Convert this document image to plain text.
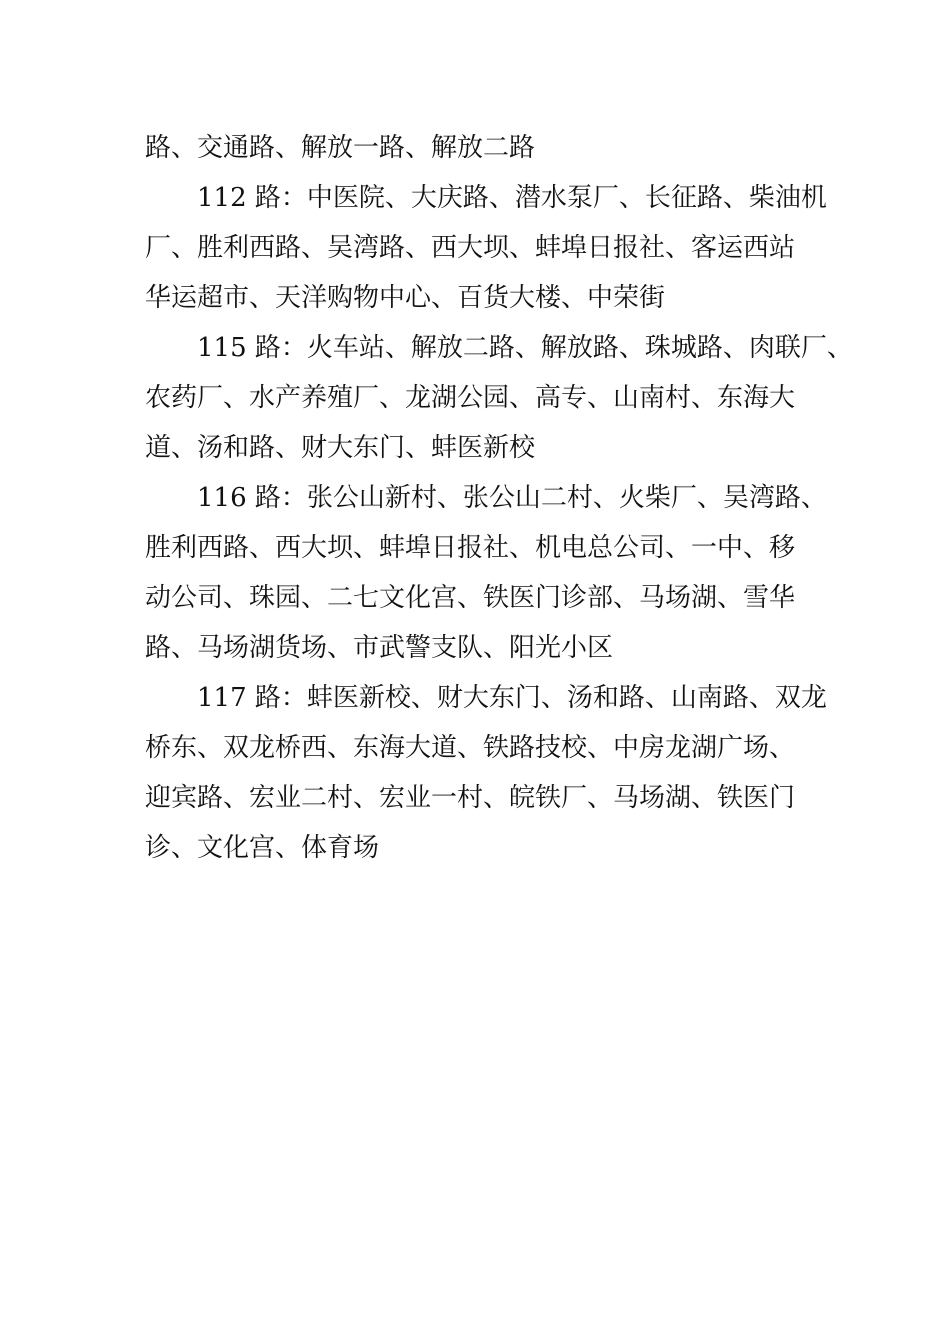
路、交通路、解放一路、解放二路
112 路：中医院、大庆路、潜水泵厂、长征路、柴油机
厂、胜利西路、吴湾路、西大坝、蚌埠日报社、客运西站
华运超市、天洋购物中心、百货大楼、中荣街
115 路：火车站、解放二路、解放路、珠城路、肉联厂、
农药厂、水产养殖厂、龙湖公园、高专、山南村、东海大
道、汤和路、财大东门、蚌医新校
116 路：张公山新村、张公山二村、火柴厂、吴湾路、
胜利西路、西大坝、蚌埠日报社、机电总公司、一中、移
动公司、珠园、二七文化宫、铁医门诊部、马场湖、雪华
路、马场湖货场、市武警支队、阳光小区
117 路：蚌医新校、财大东门、汤和路、山南路、双龙
桥东、双龙桥西、东海大道、铁路技校、中房龙湖广场、
迎宾路、宏业二村、宏业一村、皖铁厂、马场湖、铁医门
诊、文化宫、体育场
